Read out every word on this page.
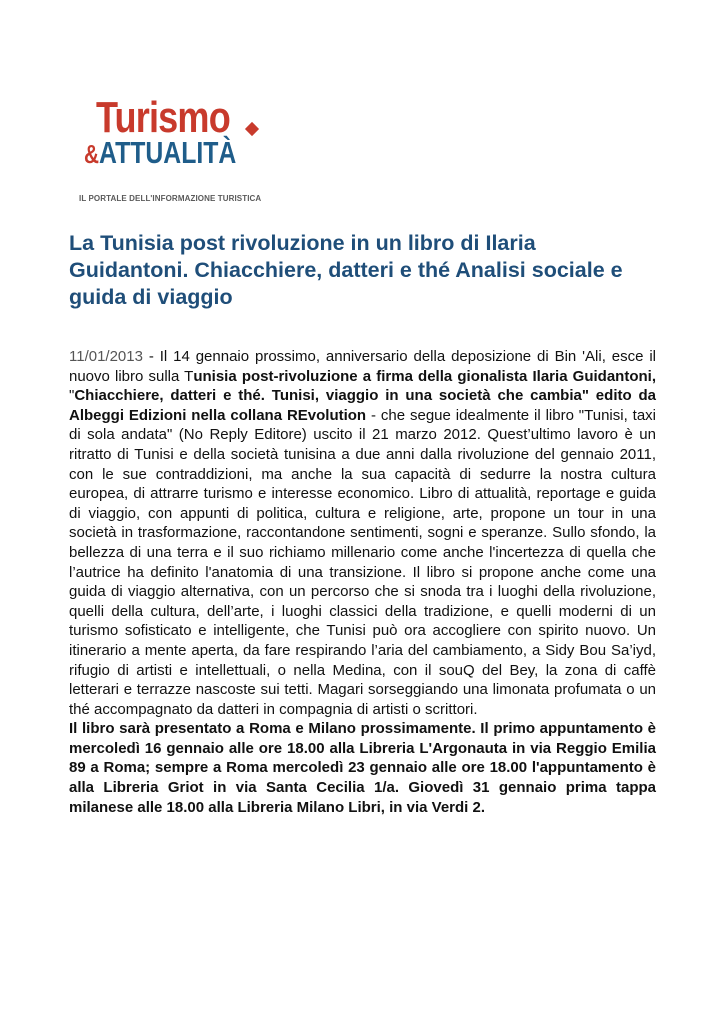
Turismo
&ATTUALITÀ
IL PORTALE DELL'INFORMAZIONE TURISTICA
La Tunisia post rivoluzione in un libro di Ilaria Guidantoni. Chiacchiere, datteri e thé Analisi sociale e guida di viaggio
11/01/2013 - Il 14 gennaio prossimo, anniversario della deposizione di Bin 'Ali, esce il nuovo libro sulla Tunisia post-rivoluzione a firma della gionalista Ilaria Guidantoni, "Chiacchiere, datteri e thé. Tunisi, viaggio in una società che cambia" edito da Albeggi Edizioni nella collana REvolution - che segue idealmente il libro "Tunisi, taxi di sola andata" (No Reply Editore) uscito il 21 marzo 2012. Quest’ultimo lavoro è un ritratto di Tunisi e della società tunisina a due anni dalla rivoluzione del gennaio 2011, con le sue contraddizioni, ma anche la sua capacità di sedurre la nostra cultura europea, di attrarre turismo e interesse economico. Libro di attualità, reportage e guida di viaggio, con appunti di politica, cultura e religione, arte, propone un tour in una società in trasformazione, raccontandone sentimenti, sogni e speranze. Sullo sfondo, la bellezza di una terra e il suo richiamo millenario come anche l'incertezza di quella che l’autrice ha definito l'anatomia di una transizione. Il libro si propone anche come una guida di viaggio alternativa, con un percorso che si snoda tra i luoghi della rivoluzione, quelli della cultura, dell’arte, i luoghi classici della tradizione, e quelli moderni di un turismo sofisticato e intelligente, che Tunisi può ora accogliere con spirito nuovo. Un itinerario a mente aperta, da fare respirando l’aria del cambiamento, a Sidy Bou Sa’iyd, rifugio di artisti e intellettuali, o nella Medina, con il souQ del Bey, la zona di caffè letterari e terrazze nascoste sui tetti. Magari sorseggiando una limonata profumata o un thé accompagnato da datteri in compagnia di artisti o scrittori.
Il libro sarà presentato a Roma e Milano prossimamente. Il primo appuntamento è mercoledì 16 gennaio alle ore 18.00 alla Libreria L'Argonauta in via Reggio Emilia 89 a Roma; sempre a Roma mercoledì 23 gennaio alle ore 18.00 l'appuntamento è alla Libreria Griot in via Santa Cecilia 1/a. Giovedì 31 gennaio prima tappa milanese alle 18.00 alla Libreria Milano Libri, in via Verdi 2.
